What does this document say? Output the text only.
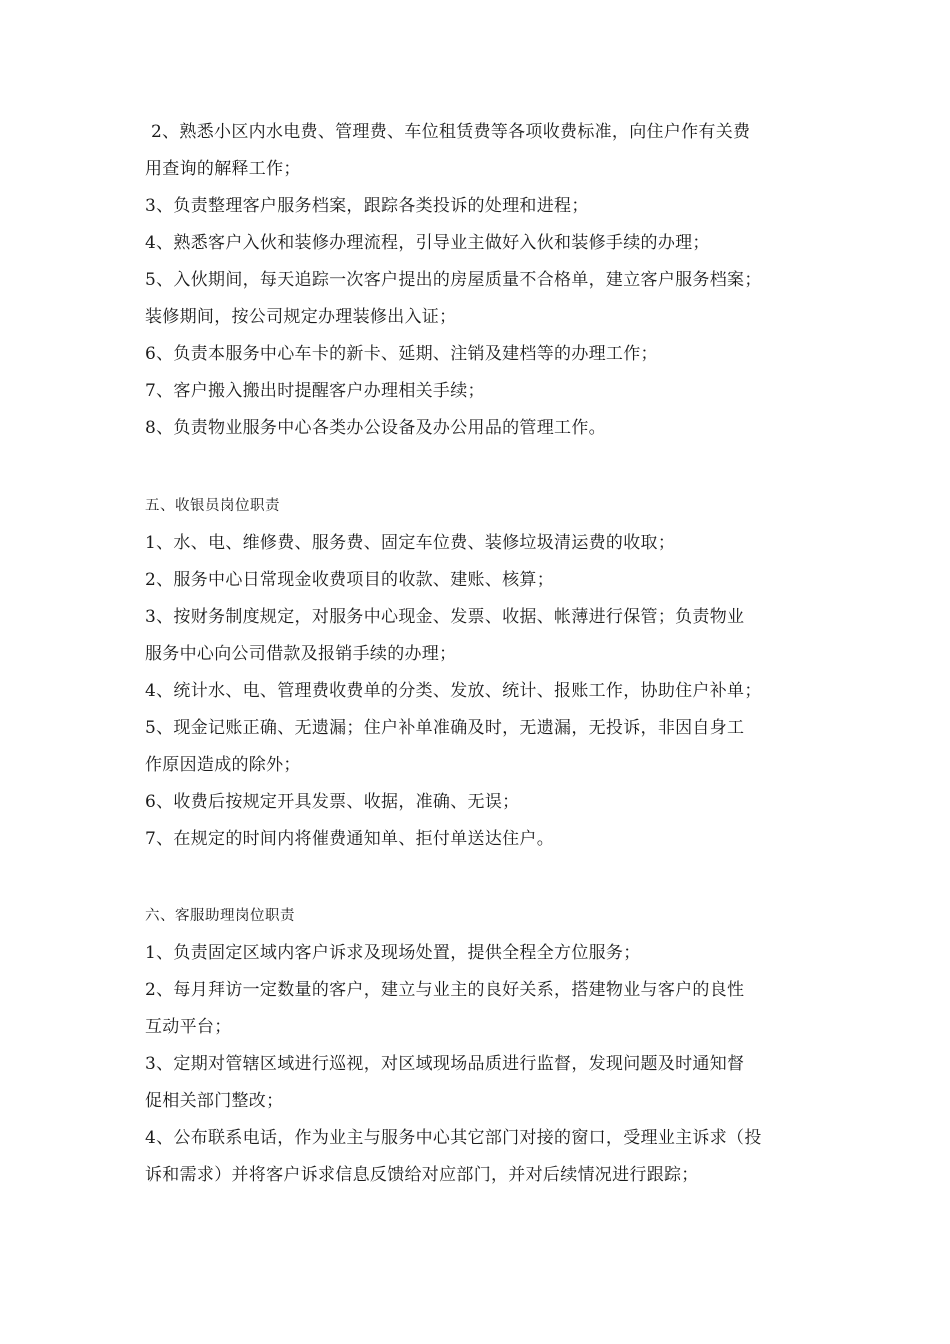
2、熟悉小区内水电费、管理费、车位租赁费等各项收费标准，向住户作有关费
用查询的解释工作；
3、负责整理客户服务档案，跟踪各类投诉的处理和进程；
4、熟悉客户入伙和装修办理流程，引导业主做好入伙和装修手续的办理；
5、入伙期间，每天追踪一次客户提出的房屋质量不合格单，建立客户服务档案；
装修期间，按公司规定办理装修出入证；
6、负责本服务中心车卡的新卡、延期、注销及建档等的办理工作；
7、客户搬入搬出时提醒客户办理相关手续；
8、负责物业服务中心各类办公设备及办公用品的管理工作。
五、收银员岗位职责
1、水、电、维修费、服务费、固定车位费、装修垃圾清运费的收取；
2、服务中心日常现金收费项目的收款、建账、核算；
3、按财务制度规定，对服务中心现金、发票、收据、帐薄进行保管；负责物业
服务中心向公司借款及报销手续的办理；
4、统计水、电、管理费收费单的分类、发放、统计、报账工作，协助住户补单；
5、现金记账正确、无遗漏；住户补单准确及时，无遗漏，无投诉，非因自身工
作原因造成的除外；
6、收费后按规定开具发票、收据，准确、无误；
7、在规定的时间内将催费通知单、拒付单送达住户。
六、客服助理岗位职责
1、负责固定区域内客户诉求及现场处置，提供全程全方位服务；
2、每月拜访一定数量的客户，建立与业主的良好关系，搭建物业与客户的良性
互动平台；
3、定期对管辖区域进行巡视，对区域现场品质进行监督，发现问题及时通知督
促相关部门整改；
4、公布联系电话，作为业主与服务中心其它部门对接的窗口，受理业主诉求（投
诉和需求）并将客户诉求信息反馈给对应部门，并对后续情况进行跟踪；
